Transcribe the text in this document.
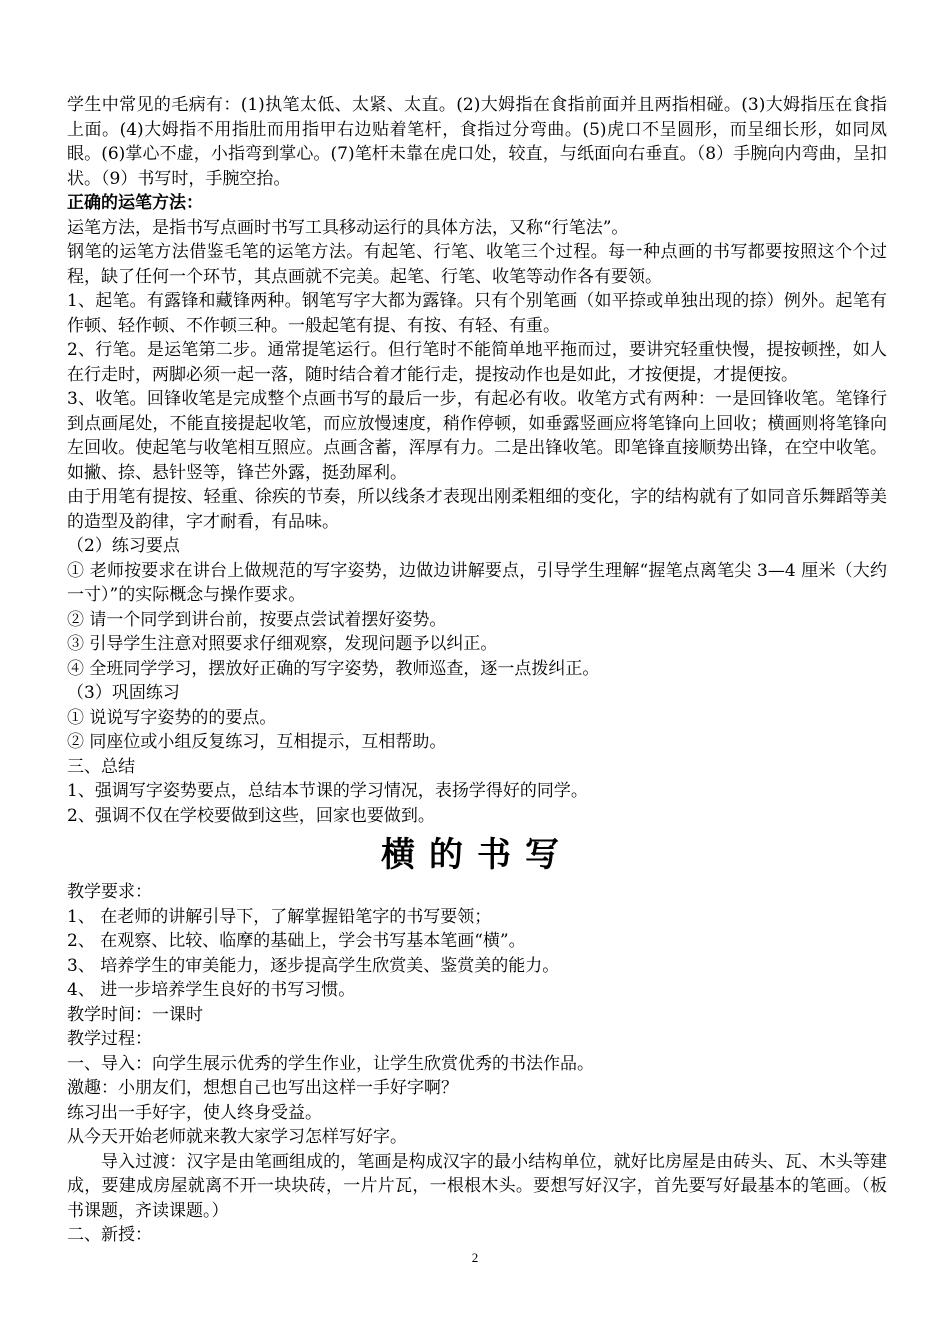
学生中常见的毛病有：(1)执笔太低、太紧、太直。(2)大姆指在食指前面并且两指相碰。(3)大姆指压在食指上面。(4)大姆指不用指肚而用指甲右边贴着笔杆，食指过分弯曲。(5)虎口不呈圆形，而呈细长形，如同凤眼。(6)掌心不虚，小指弯到掌心。(7)笔杆未靠在虎口处，较直，与纸面向右垂直。（8）手腕向内弯曲，呈扣状。（9）书写时，手腕空抬。

正确的运笔方法：

运笔方法，是指书写点画时书写工具移动运行的具体方法，又称“行笔法”。

钢笔的运笔方法借鉴毛笔的运笔方法。有起笔、行笔、收笔三个过程。每一种点画的书写都要按照这个个过程，缺了任何一个环节，其点画就不完美。起笔、行笔、收笔等动作各有要领。

1、起笔。有露锋和藏锋两种。钢笔写字大都为露锋。只有个别笔画（如平捺或单独出现的捺）例外。起笔有作顿、轻作顿、不作顿三种。一般起笔有提、有按、有轻、有重。

2、行笔。是运笔第二步。通常提笔运行。但行笔时不能简单地平拖而过，要讲究轻重快慢，提按顿挫，如人在行走时，两脚必须一起一落，随时结合着才能行走，提按动作也是如此，才按便提，才提便按。

3、收笔。回锋收笔是完成整个点画书写的最后一步，有起必有收。收笔方式有两种：一是回锋收笔。笔锋行到点画尾处，不能直接提起收笔，而应放慢速度，稍作停顿，如垂露竖画应将笔锋向上回收；横画则将笔锋向左回收。使起笔与收笔相互照应。点画含蓄，浑厚有力。二是出锋收笔。即笔锋直接顺势出锋，在空中收笔。如撇、捺、悬针竖等，锋芒外露，挺劲犀利。

由于用笔有提按、轻重、徐疾的节奏，所以线条才表现出刚柔粗细的变化，字的结构就有了如同音乐舞蹈等美的造型及韵律，字才耐看，有品味。

（2）练习要点

① 老师按要求在讲台上做规范的写字姿势，边做边讲解要点，引导学生理解“握笔点离笔尖 3—4 厘米（大约一寸）”的实际概念与操作要求。

② 请一个同学到讲台前，按要点尝试着摆好姿势。

③ 引导学生注意对照要求仔细观察，发现问题予以纠正。

④ 全班同学学习，摆放好正确的写字姿势，教师巡查，逐一点拨纠正。

（3）巩固练习

① 说说写字姿势的的要点。

② 同座位或小组反复练习，互相提示，互相帮助。

三、总结

1、强调写字姿势要点，总结本节课的学习情况，表扬学得好的同学。

2、强调不仅在学校要做到这些，回家也要做到。

横的书写

教学要求：

1、 在老师的讲解引导下，了解掌握铅笔字的书写要领；

2、 在观察、比较、临摩的基础上，学会书写基本笔画“横”。

3、 培养学生的审美能力，逐步提高学生欣赏美、鉴赏美的能力。

4、 进一步培养学生良好的书写习惯。

教学时间：一课时

教学过程：

一、导入：向学生展示优秀的学生作业，让学生欣赏优秀的书法作品。

激趣：小朋友们，想想自己也写出这样一手好字啊？

练习出一手好字，使人终身受益。

从今天开始老师就来教大家学习怎样写好字。

导入过渡：汉字是由笔画组成的，笔画是构成汉字的最小结构单位，就好比房屋是由砖头、瓦、木头等建成，要建成房屋就离不开一块块砖，一片片瓦，一根根木头。要想写好汉字，首先要写好最基本的笔画。（板书课题，齐读课题。）

二、新授：

2
